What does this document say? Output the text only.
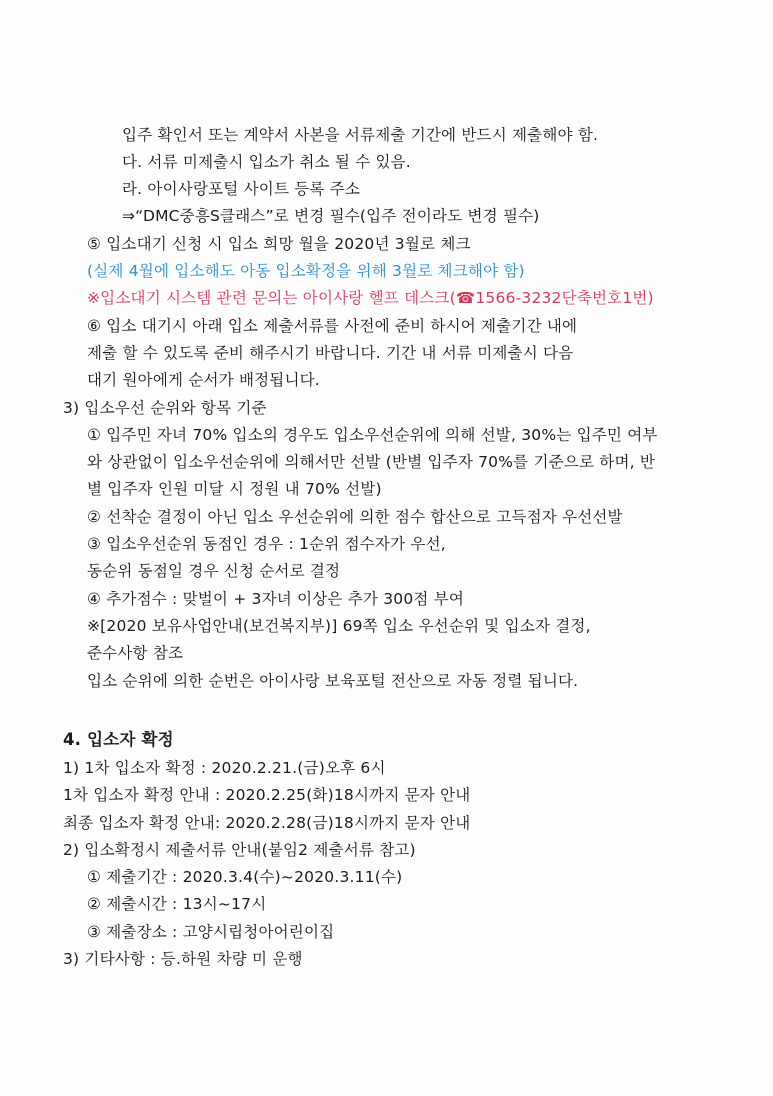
입주 확인서 또는 계약서 사본을 서류제출 기간에 반드시 제출해야 함.
다. 서류 미제출시 입소가 취소 될 수 있음.
라. 아이사랑포털 사이트 등록 주소
⇒“DMC중흥S클래스”로 변경 필수(입주 전이라도 변경 필수)
⑤ 입소대기 신청 시 입소 희망 월을 2020년 3월로 체크
(실제 4월에 입소해도 아동 입소확정을 위해 3월로 체크해야 함)
※입소대기 시스템 관련 문의는 아이사랑 헬프 데스크(☎1566-3232단축번호1번)
⑥ 입소 대기시 아래 입소 제출서류를 사전에 준비 하시어 제출기간 내에
제출 할 수 있도록 준비 해주시기 바랍니다. 기간 내 서류 미제출시 다음
대기 원아에게 순서가 배정됩니다.
3) 입소우선 순위와 항목 기준
① 입주민 자녀 70% 입소의 경우도 입소우선순위에 의해 선발, 30%는 입주민 여부
와 상관없이 입소우선순위에 의해서만 선발 (반별 입주자 70%를 기준으로 하며, 반
별 입주자 인원 미달 시 정원 내 70% 선발)
② 선착순 결정이 아닌 입소 우선순위에 의한 점수 합산으로 고득점자 우선선발
③ 입소우선순위 동점인 경우 : 1순위 점수자가 우선,
동순위 동점일 경우 신청 순서로 결정
④ 추가점수 : 맞벌이 + 3자녀 이상은 추가 300점 부여
※[2020 보유사업안내(보건복지부)] 69쪽 입소 우선순위 및 입소자 결정,
준수사항 참조
입소 순위에 의한 순번은 아이사랑 보육포털 전산으로 자동 정렬 됩니다.
4. 입소자 확정
1) 1차 입소자 확정 : 2020.2.21.(금)오후 6시
1차 입소자 확정 안내 : 2020.2.25(화)18시까지 문자 안내
최종 입소자 확정 안내: 2020.2.28(금)18시까지 문자 안내
2) 입소확정시 제출서류 안내(붙임2 제출서류 참고)
① 제출기간 : 2020.3.4(수)~2020.3.11(수)
② 제출시간 : 13시~17시
③ 제출장소 : 고양시립청아어린이집
3) 기타사항 : 등.하원 차량 미 운행
